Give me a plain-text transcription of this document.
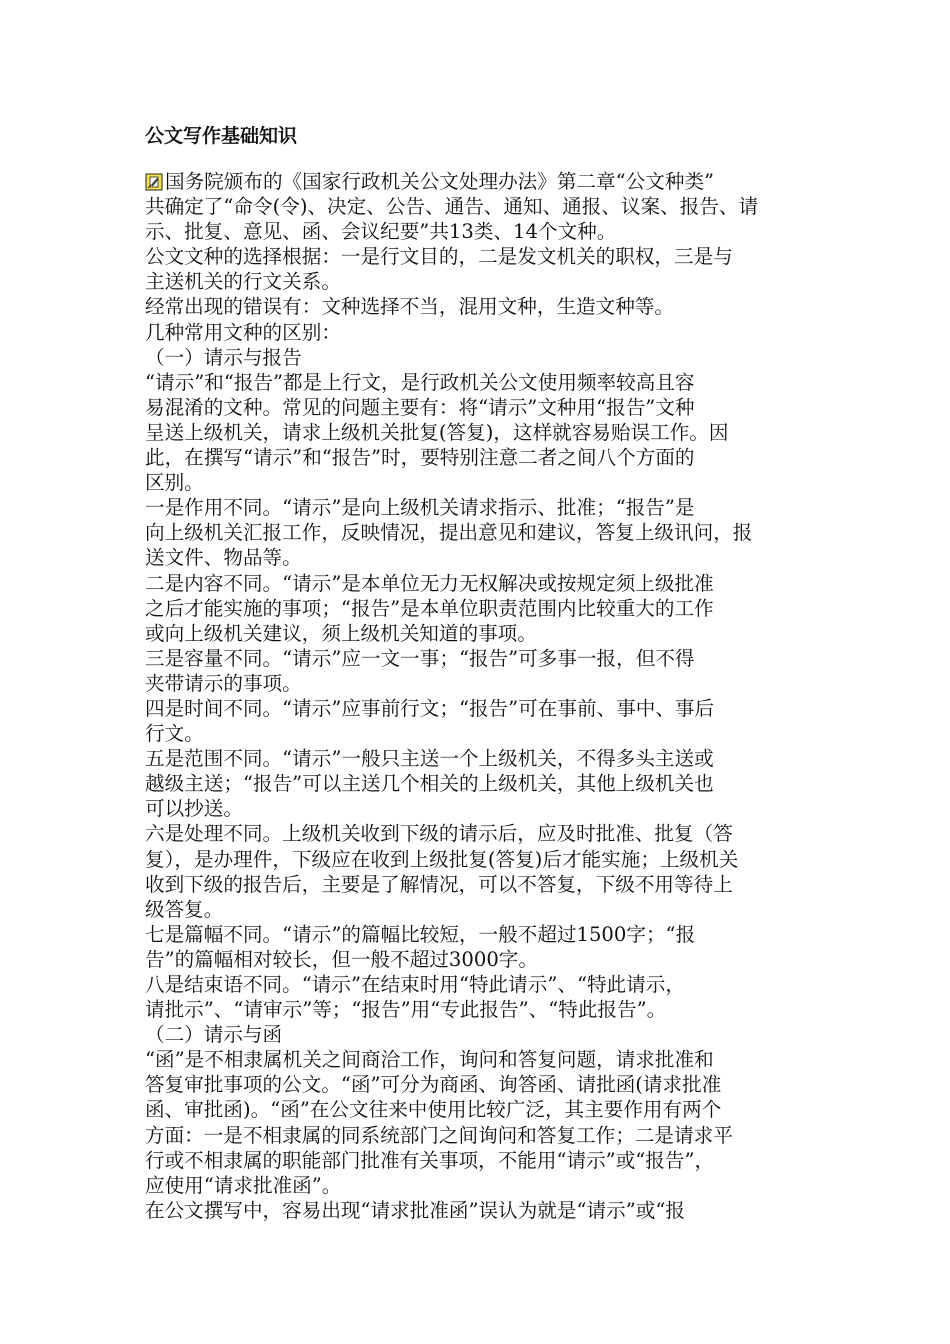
公文写作基础知识
国务院颁布的《国家行政机关公文处理办法》第二章“公文种类”
共确定了“命令(令)、决定、公告、通告、通知、通报、议案、报告、请
示、批复、意见、函、会议纪要”共13类、14个文种。
公文文种的选择根据：一是行文目的，二是发文机关的职权，三是与
主送机关的行文关系。
经常出现的错误有：文种选择不当，混用文种，生造文种等。
几种常用文种的区别：
（一）请示与报告
“请示”和“报告”都是上行文，是行政机关公文使用频率较高且容
易混淆的文种。常见的问题主要有：将“请示”文种用“报告”文种
呈送上级机关，请求上级机关批复(答复)，这样就容易贻误工作。因
此，在撰写“请示”和“报告”时，要特别注意二者之间八个方面的
区别。
一是作用不同。“请示”是向上级机关请求指示、批准；“报告”是
向上级机关汇报工作，反映情况，提出意见和建议，答复上级讯问，报
送文件、物品等。
二是内容不同。“请示”是本单位无力无权解决或按规定须上级批准
之后才能实施的事项；“报告”是本单位职责范围内比较重大的工作
或向上级机关建议，须上级机关知道的事项。
三是容量不同。“请示”应一文一事；“报告”可多事一报，但不得
夹带请示的事项。
四是时间不同。“请示”应事前行文；“报告”可在事前、事中、事后
行文。
五是范围不同。“请示”一般只主送一个上级机关，不得多头主送或
越级主送；“报告”可以主送几个相关的上级机关，其他上级机关也
可以抄送。
六是处理不同。上级机关收到下级的请示后，应及时批准、批复（答
复），是办理件，下级应在收到上级批复(答复)后才能实施；上级机关
收到下级的报告后，主要是了解情况，可以不答复，下级不用等待上
级答复。
七是篇幅不同。“请示”的篇幅比较短，一般不超过1500字；“报
告”的篇幅相对较长，但一般不超过3000字。
八是结束语不同。“请示”在结束时用“特此请示”、“特此请示，
请批示”、“请审示”等；“报告”用“专此报告”、“特此报告”。
（二）请示与函
“函”是不相隶属机关之间商洽工作，询问和答复问题，请求批准和
答复审批事项的公文。“函”可分为商函、询答函、请批函(请求批准
函、审批函)。“函”在公文往来中使用比较广泛，其主要作用有两个
方面：一是不相隶属的同系统部门之间询问和答复工作；二是请求平
行或不相隶属的职能部门批准有关事项，不能用“请示”或“报告”，
应使用“请求批准函”。
在公文撰写中，容易出现“请求批准函”误认为就是“请示”或“报
